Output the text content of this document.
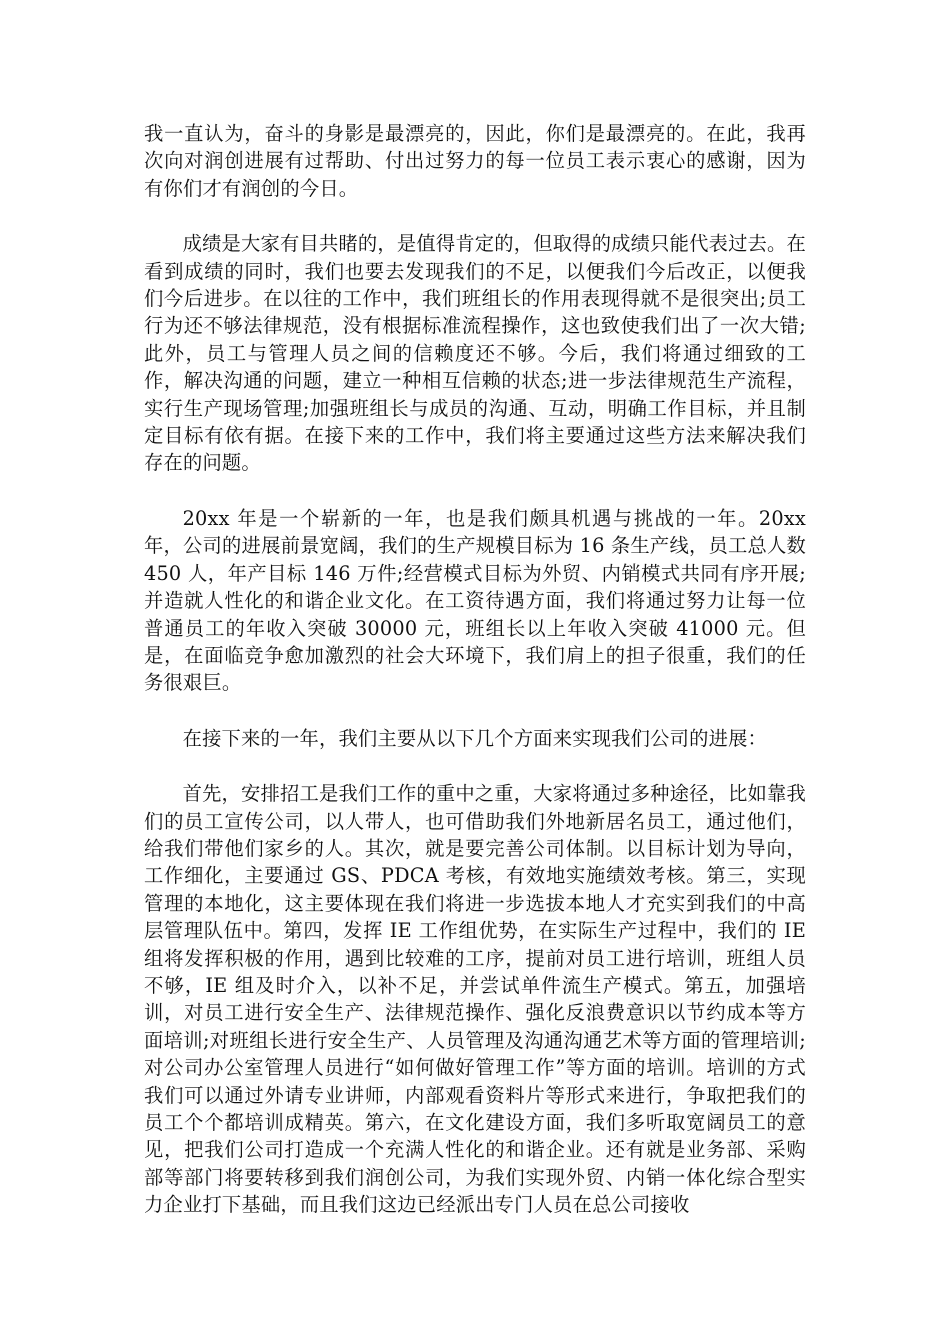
我一直认为，奋斗的身影是最漂亮的，因此，你们是最漂亮的。在此，我再次向对润创进展有过帮助、付出过努力的每一位员工表示衷心的感谢，因为有你们才有润创的今日。

成绩是大家有目共睹的，是值得肯定的，但取得的成绩只能代表过去。在看到成绩的同时，我们也要去发现我们的不足，以便我们今后改正，以便我们今后进步。在以往的工作中，我们班组长的作用表现得就不是很突出;员工行为还不够法律规范，没有根据标准流程操作，这也致使我们出了一次大错;此外，员工与管理人员之间的信赖度还不够。今后，我们将通过细致的工作，解决沟通的问题，建立一种相互信赖的状态;进一步法律规范生产流程，实行生产现场管理;加强班组长与成员的沟通、互动，明确工作目标，并且制定目标有依有据。在接下来的工作中，我们将主要通过这些方法来解决我们存在的问题。

20xx 年是一个崭新的一年，也是我们颇具机遇与挑战的一年。20xx 年，公司的进展前景宽阔，我们的生产规模目标为 16 条生产线，员工总人数 450 人，年产目标 146 万件;经营模式目标为外贸、内销模式共同有序开展;并造就人性化的和谐企业文化。在工资待遇方面，我们将通过努力让每一位普通员工的年收入突破 30000 元，班组长以上年收入突破 41000 元。但是，在面临竞争愈加激烈的社会大环境下，我们肩上的担子很重，我们的任务很艰巨。

在接下来的一年，我们主要从以下几个方面来实现我们公司的进展：

首先，安排招工是我们工作的重中之重，大家将通过多种途径，比如靠我们的员工宣传公司，以人带人，也可借助我们外地新居名员工，通过他们，给我们带他们家乡的人。其次，就是要完善公司体制。以目标计划为导向，工作细化，主要通过 GS、PDCA 考核，有效地实施绩效考核。第三，实现管理的本地化，这主要体现在我们将进一步选拔本地人才充实到我们的中高层管理队伍中。第四，发挥 IE 工作组优势，在实际生产过程中，我们的 IE 组将发挥积极的作用，遇到比较难的工序，提前对员工进行培训，班组人员不够，IE 组及时介入，以补不足，并尝试单件流生产模式。第五，加强培训，对员工进行安全生产、法律规范操作、强化反浪费意识以节约成本等方面培训;对班组长进行安全生产、人员管理及沟通沟通艺术等方面的管理培训;对公司办公室管理人员进行“如何做好管理工作”等方面的培训。培训的方式我们可以通过外请专业讲师，内部观看资料片等形式来进行，争取把我们的员工个个都培训成精英。第六，在文化建设方面，我们多听取宽阔员工的意见，把我们公司打造成一个充满人性化的和谐企业。还有就是业务部、采购部等部门将要转移到我们润创公司，为我们实现外贸、内销一体化综合型实力企业打下基础，而且我们这边已经派出专门人员在总公司接收
